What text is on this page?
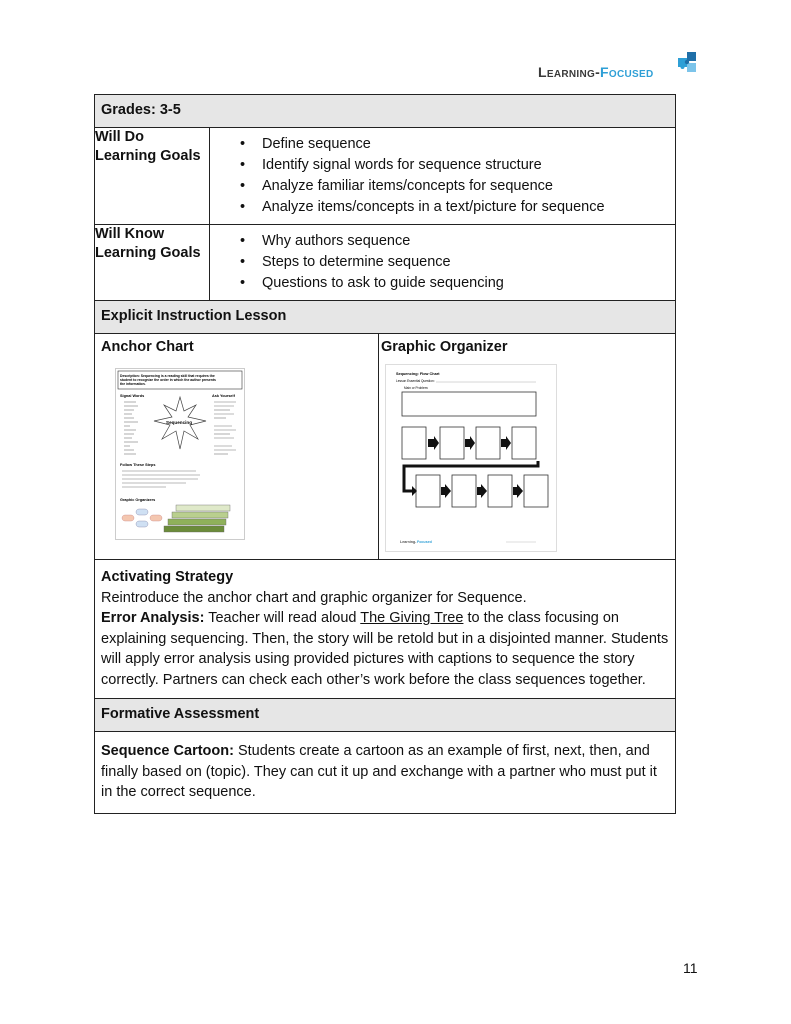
Learning-Focused
Grades: 3-5

Will Do
Learning Goals

• Define sequence
• Identify signal words for sequence structure
• Analyze familiar items/concepts for sequence
• Analyze items/concepts in a text/picture for sequence

Will Know
Learning Goals

• Why authors sequence
• Steps to determine sequence
• Questions to ask to guide sequencing

Explicit Instruction Lesson

Anchor Chart
Description: Sequencing is a reading skill that requires the
student to recognize the order in which the author presents
the information.
Signal Words	Ask Yourself
Sequencing
Follow These Steps
Graphic Organizers

Graphic Organizer
Sequencing: Flow Chart
Lesson Essential Question:
Main or Problem:
Learning- Focused

Activating Strategy
Reintroduce the anchor chart and graphic organizer for Sequence.
Error Analysis: Teacher will read aloud The Giving Tree to the class focusing on explaining sequencing. Then, the story will be retold but in a disjointed manner. Students will apply error analysis using provided pictures with captions to sequence the story correctly. Partners can check each other’s work before the class sequences together.

Formative Assessment

Sequence Cartoon: Students create a cartoon as an example of first, next, then, and finally based on (topic). They can cut it up and exchange with a partner who must put it in the correct sequence.
11
